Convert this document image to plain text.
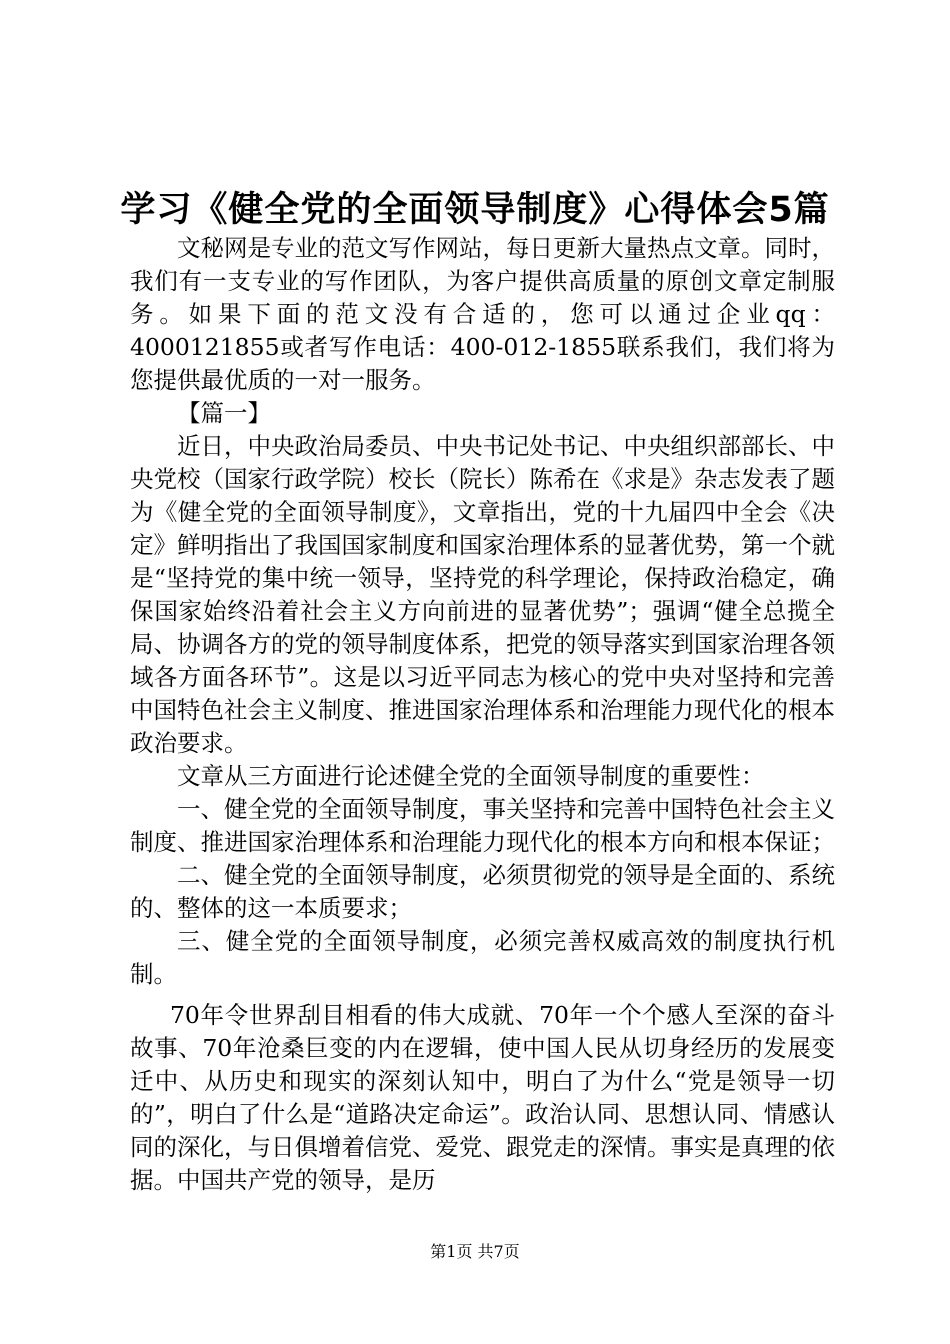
学习《健全党的全面领导制度》心得体会5篇

文秘网是专业的范文写作网站，每日更新大量热点文章。同时，我们有一支专业的写作团队，为客户提供高质量的原创文章定制服务。如果下面的范文没有合适的，您可以通过企业qq：4000121855或者写作电话：400-012-1855联系我们，我们将为您提供最优质的一对一服务。

【篇一】

近日，中央政治局委员、中央书记处书记、中央组织部部长、中央党校（国家行政学院）校长（院长）陈希在《求是》杂志发表了题为《健全党的全面领导制度》，文章指出，党的十九届四中全会《决定》鲜明指出了我国国家制度和国家治理体系的显著优势，第一个就是“坚持党的集中统一领导，坚持党的科学理论，保持政治稳定，确保国家始终沿着社会主义方向前进的显著优势”；强调“健全总揽全局、协调各方的党的领导制度体系，把党的领导落实到国家治理各领域各方面各环节”。这是以习近平同志为核心的党中央对坚持和完善中国特色社会主义制度、推进国家治理体系和治理能力现代化的根本政治要求。

文章从三方面进行论述健全党的全面领导制度的重要性：

一、健全党的全面领导制度，事关坚持和完善中国特色社会主义制度、推进国家治理体系和治理能力现代化的根本方向和根本保证；

二、健全党的全面领导制度，必须贯彻党的领导是全面的、系统的、整体的这一本质要求；

三、健全党的全面领导制度，必须完善权威高效的制度执行机制。

70年令世界刮目相看的伟大成就、70年一个个感人至深的奋斗故事、70年沧桑巨变的内在逻辑，使中国人民从切身经历的发展变迁中、从历史和现实的深刻认知中，明白了为什么“党是领导一切的”，明白了什么是“道路决定命运”。政治认同、思想认同、情感认同的深化，与日俱增着信党、爱党、跟党走的深情。事实是真理的依据。中国共产党的领导，是历

第1页 共7页
